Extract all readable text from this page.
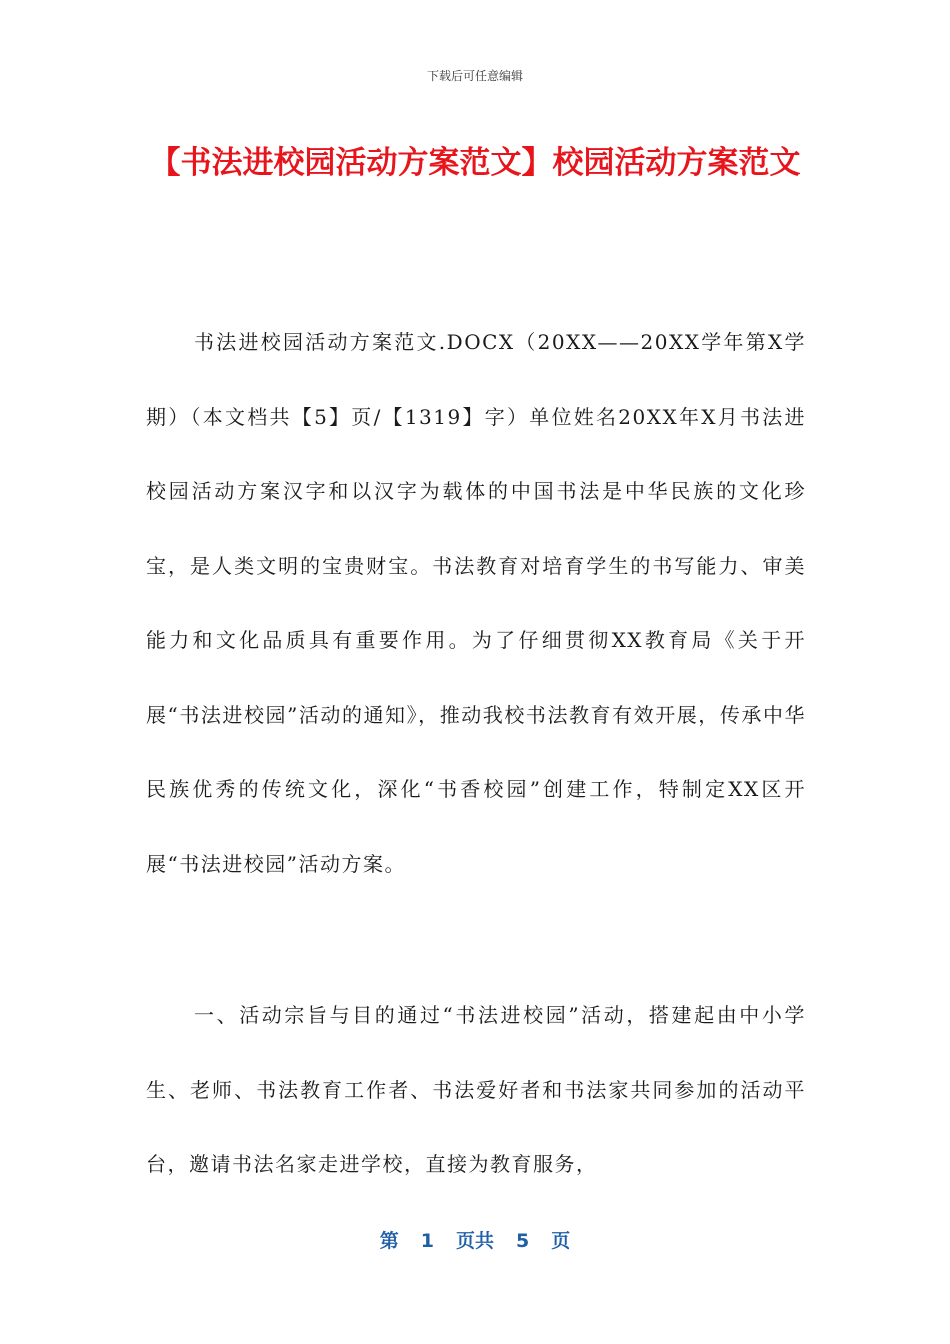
下载后可任意编辑
【书法进校园活动方案范文】校园活动方案范文

书法进校园活动方案范文.DOCX（20XX——20XX学年第X学期）（本文档共【5】页/【1319】字）单位姓名20XX年X月书法进校园活动方案汉字和以汉字为载体的中国书法是中华民族的文化珍宝，是人类文明的宝贵财宝。书法教育对培育学生的书写能力、审美能力和文化品质具有重要作用。为了仔细贯彻XX教育局《关于开展“书法进校园”活动的通知》，推动我校书法教育有效开展，传承中华民族优秀的传统文化，深化“书香校园”创建工作，特制定XX区开展“书法进校园”活动方案。

一、活动宗旨与目的通过“书法进校园”活动，搭建起由中小学生、老师、书法教育工作者、书法爱好者和书法家共同参加的活动平台，邀请书法名家走进学校，直接为教育服务，

第 1 页共 5 页
